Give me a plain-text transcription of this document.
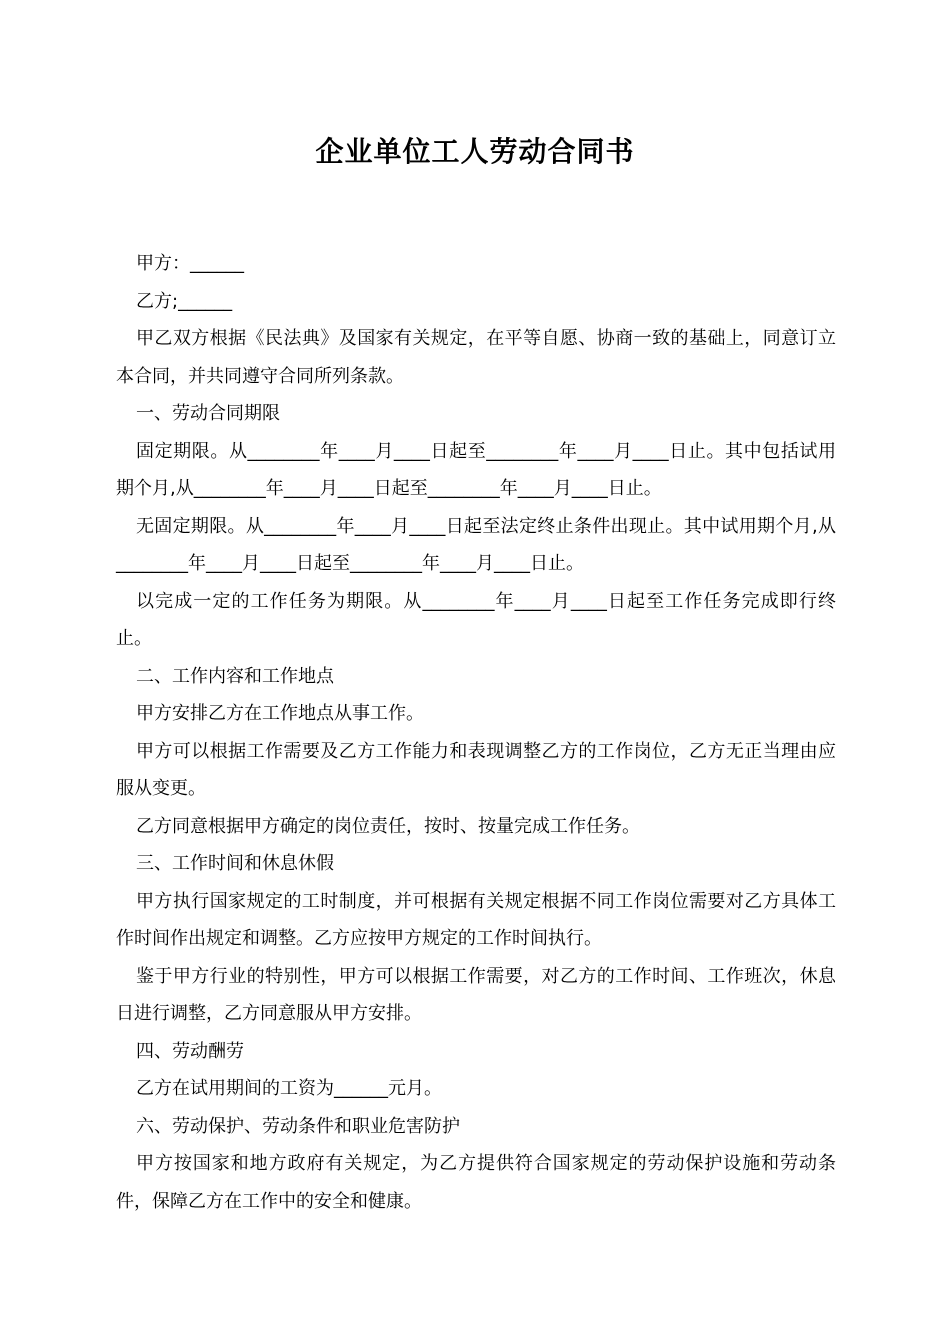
企业单位工人劳动合同书

甲方：______

乙方;______

甲乙双方根据《民法典》及国家有关规定，在平等自愿、协商一致的基础上，同意订立本合同，并共同遵守合同所列条款。

一、劳动合同期限

固定期限。从________年____月____日起至________年____月____日止。其中包括试用期个月,从________年____月____日起至________年____月____日止。

无固定期限。从________年____月____日起至法定终止条件出现止。其中试用期个月,从________年____月____日起至________年____月____日止。

以完成一定的工作任务为期限。从________年____月____日起至工作任务完成即行终止。

二、工作内容和工作地点

甲方安排乙方在工作地点从事工作。

甲方可以根据工作需要及乙方工作能力和表现调整乙方的工作岗位，乙方无正当理由应服从变更。

乙方同意根据甲方确定的岗位责任，按时、按量完成工作任务。

三、工作时间和休息休假

甲方执行国家规定的工时制度，并可根据有关规定根据不同工作岗位需要对乙方具体工作时间作出规定和调整。乙方应按甲方规定的工作时间执行。

鉴于甲方行业的特别性，甲方可以根据工作需要，对乙方的工作时间、工作班次，休息日进行调整，乙方同意服从甲方安排。

四、劳动酬劳

乙方在试用期间的工资为______元月。

六、劳动保护、劳动条件和职业危害防护

甲方按国家和地方政府有关规定，为乙方提供符合国家规定的劳动保护设施和劳动条件，保障乙方在工作中的安全和健康。
